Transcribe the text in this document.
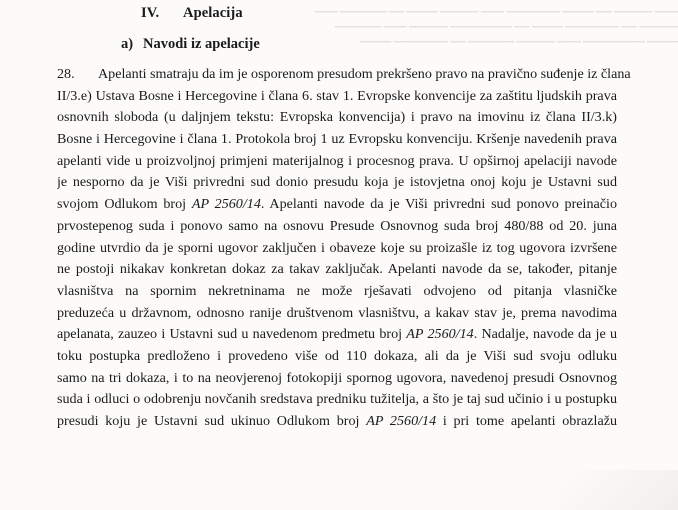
​▁▁▁ ▁▁▁▁▁ ▁▁ ▁▁▁▁ ▁▁▁▁▁▁▁ ▁▁▁ ▁▁▁▁▁ ▁▁▁▁ ▁▁ ▁▁▁▁▁▁ ▁▁▁
​▁▁▁▁▁ ▁▁ ▁▁▁▁▁▁▁ ▁▁▁▁ ▁▁ ▁▁▁▁▁▁▁▁ ▁▁▁▁▁ ▁▁▁ ▁▁▁▁▁▁
​▁▁▁▁ ▁▁▁▁▁▁▁▁ ▁▁▁ ▁▁▁▁▁ ▁▁▁▁▁▁ ▁▁ ▁▁▁▁▁▁▁ ▁▁▁▁
IV. Apelacija
a) Navodi iz apelacije
28. Apelanti smatraju da im je osporenom presudom prekršeno pravo na pravično suđenje iz člana
II/3.e) Ustava Bosne i Hercegovine i člana 6. stav 1. Evropske konvencije za zaštitu ljudskih prava
osnovnih sloboda (u daljnjem tekstu: Evropska konvencija) i pravo na imovinu iz člana II/3.k)
Bosne i Hercegovine i člana 1. Protokola broj 1 uz Evropsku konvenciju. Kršenje navedenih prava
apelanti vide u proizvoljnoj primjeni materijalnog i procesnog prava. U opširnoj apelaciji navode
je nesporno da je Viši privredni sud donio presudu koja je istovjetna onoj koju je Ustavni sud
svojom Odlukom broj AP 2560/14. Apelanti navode da je Viši privredni sud ponovo preinačio
prvostepenog suda i ponovo samo na osnovu Presude Osnovnog suda broj 480/88 od 20. juna
godine utvrdio da je sporni ugovor zaključen i obaveze koje su proizašle iz tog ugovora izvršene
ne postoji nikakav konkretan dokaz za takav zaključak. Apelanti navode da se, također, pitanje
vlasništva na spornim nekretninama ne može rješavati odvojeno od pitanja vlasničke
preduzeća u državnom, odnosno ranije društvenom vlasništvu, a kakav stav je, prema navodima
apelanata, zauzeo i Ustavni sud u navedenom predmetu broj AP 2560/14. Nadalje, navode da je u
toku postupka predloženo i provedeno više od 110 dokaza, ali da je Viši sud svoju odluku
samo na tri dokaza, i to na neovjerenoj fotokopiji spornog ugovora, navedenoj presudi Osnovnog
suda i odluci o odobrenju novčanih sredstava predniku tužitelja, a što je taj sud učinio i u postupku
presudi koju je Ustavni sud ukinuo Odlukom broj AP 2560/14 i pri tome apelanti obrazlažu
